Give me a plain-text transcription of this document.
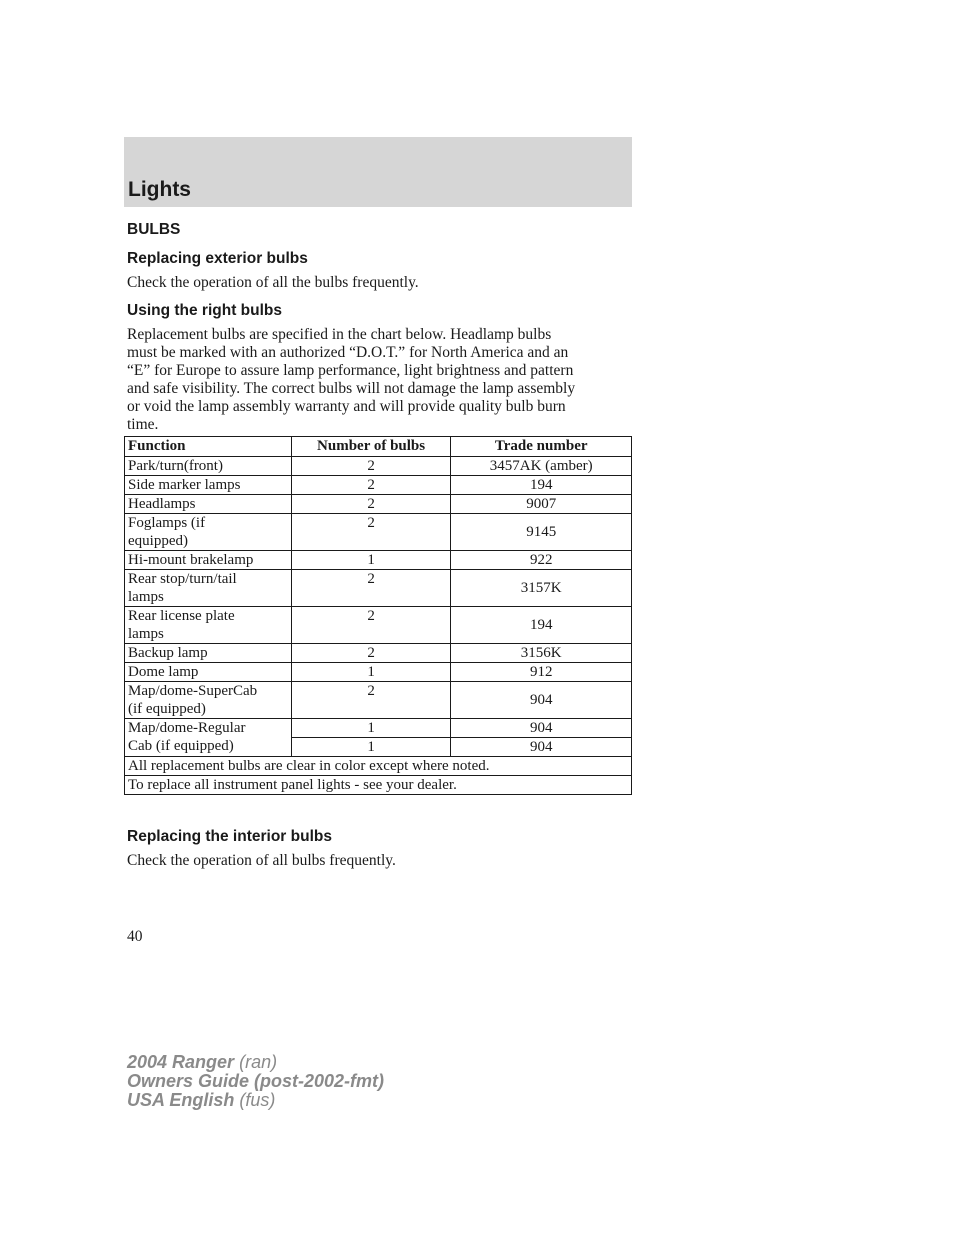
Lights
BULBS
Replacing exterior bulbs
Check the operation of all the bulbs frequently.
Using the right bulbs
Replacement bulbs are specified in the chart below. Headlamp bulbs
must be marked with an authorized “D.O.T.” for North America and an
“E” for Europe to assure lamp performance, light brightness and pattern
and safe visibility. The correct bulbs will not damage the lamp assembly
or void the lamp assembly warranty and will provide quality bulb burn
time.
Function	Number of bulbs	Trade number

Park/turn(front)	2	3457AK (amber)

Side marker lamps	2	194

Headlamps	2	9007

Foglamps (if
equipped)	2	9145

Hi-mount brakelamp	1	922

Rear stop/turn/tail
lamps	2	3157K

Rear license plate
lamps	2	194

Backup lamp	2	3156K

Dome lamp	1	912

Map/dome-SuperCab
(if equipped)	2	904

Map/dome-Regular
Cab (if equipped)	1	904
	1	904
All replacement bulbs are clear in color except where noted.		
To replace all instrument panel lights - see your dealer.		
Replacing the interior bulbs
Check the operation of all bulbs frequently.
40
2004 Ranger (ran)
Owners Guide (post-2002-fmt)
USA English (fus)
